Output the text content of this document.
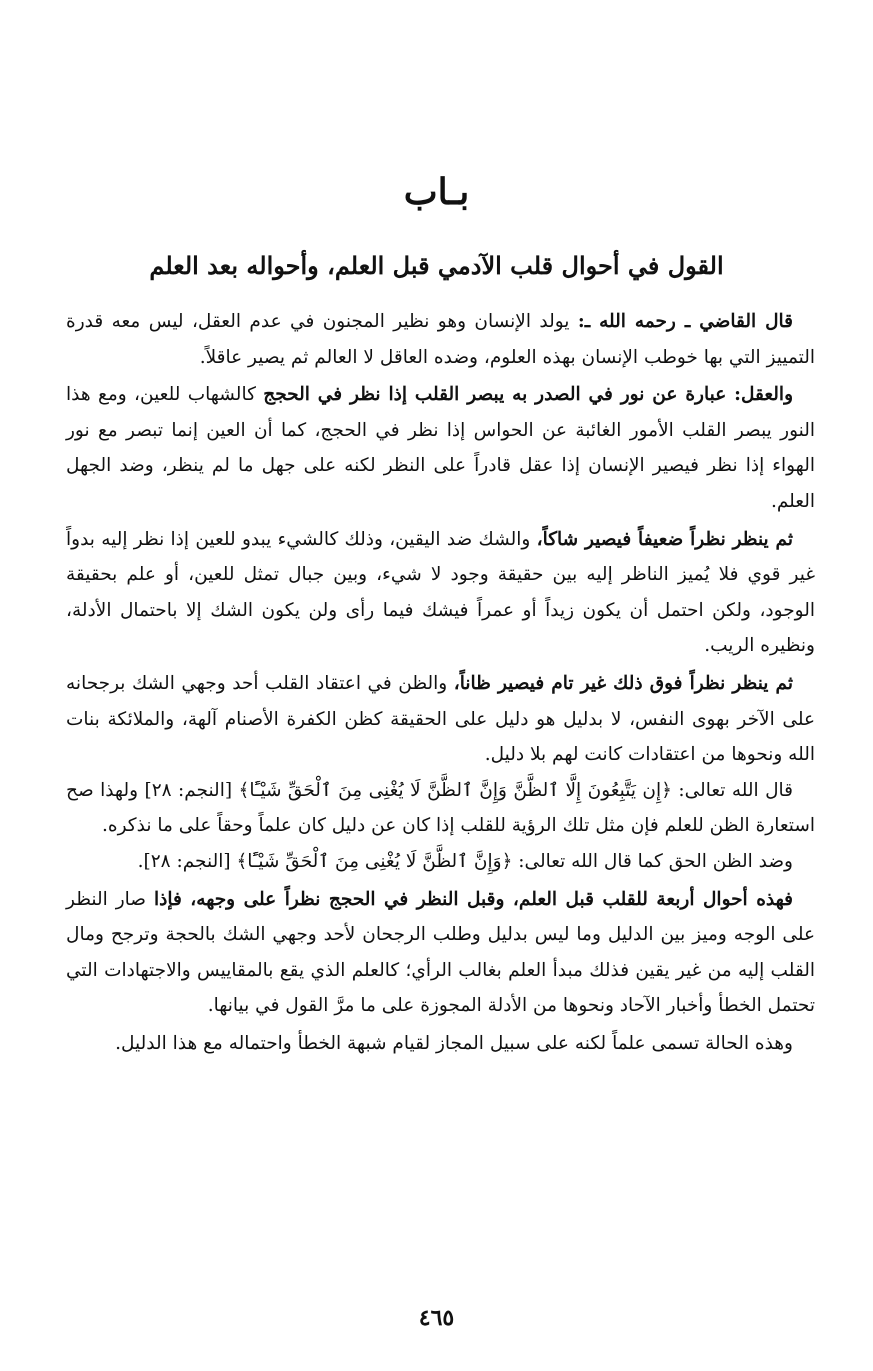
بـاب
القول في أحوال قلب الآدمي قبل العلم، وأحواله بعد العلم

قال القاضي ـ رحمه الله ـ: يولد الإنسان وهو نظير المجنون في عدم العقل، ليس معه قدرة التمييز التي بها خوطب الإنسان بهذه العلوم، وضده العاقل لا العالم ثم يصير عاقلاً.

والعقل: عبارة عن نور في الصدر به يبصر القلب إذا نظر في الحجج كالشهاب للعين، ومع هذا النور يبصر القلب الأمور الغائبة عن الحواس إذا نظر في الحجج، كما أن العين إنما تبصر مع نور الهواء إذا نظر فيصير الإنسان إذا عقل قادراً على النظر لكنه على جهل ما لم ينظر، وضد الجهل العلم.

ثم ينظر نظراً ضعيفاً فيصير شاكاً، والشك ضد اليقين، وذلك كالشيء يبدو للعين إذا نظر إليه بدواً غير قوي فلا يُميز الناظر إليه بين حقيقة وجود لا شيء، وبين جبال تمثل للعين، أو علم بحقيقة الوجود، ولكن احتمل أن يكون زيداً أو عمراً فيشك فيما رأى ولن يكون الشك إلا باحتمال الأدلة، ونظيره الريب.

ثم ينظر نظراً فوق ذلك غير تام فيصير ظاناً، والظن في اعتقاد القلب أحد وجهي الشك برجحانه على الآخر بهوى النفس، لا بدليل هو دليل على الحقيقة كظن الكفرة الأصنام آلهة، والملائكة بنات الله ونحوها من اعتقادات كانت لهم بلا دليل.

قال الله تعالى: ﴿إِن يَتَّبِعُونَ إِلَّا ٱلظَّنَّ وَإِنَّ ٱلظَّنَّ لَا يُغْنِى مِنَ ٱلْحَقِّ شَيْـًٔا﴾ [النجم: ٢٨] ولهذا صح استعارة الظن للعلم فإن مثل تلك الرؤية للقلب إذا كان عن دليل كان علماً وحقاً على ما نذكره.

وضد الظن الحق كما قال الله تعالى: ﴿وَإِنَّ ٱلظَّنَّ لَا يُغْنِى مِنَ ٱلْحَقِّ شَيْـًٔا﴾ [النجم: ٢٨].

فهذه أحوال أربعة للقلب قبل العلم، وقبل النظر في الحجج نظراً على وجهه، فإذا صار النظر على الوجه وميز بين الدليل وما ليس بدليل وطلب الرجحان لأحد وجهي الشك بالحجة وترجح ومال القلب إليه من غير يقين فذلك مبدأ العلم بغالب الرأي؛ كالعلم الذي يقع بالمقاييس والاجتهادات التي تحتمل الخطأ وأخبار الآحاد ونحوها من الأدلة المجوزة على ما مرَّ القول في بيانها.

وهذه الحالة تسمى علماً لكنه على سبيل المجاز لقيام شبهة الخطأ واحتماله مع هذا الدليل.

٤٦٥
